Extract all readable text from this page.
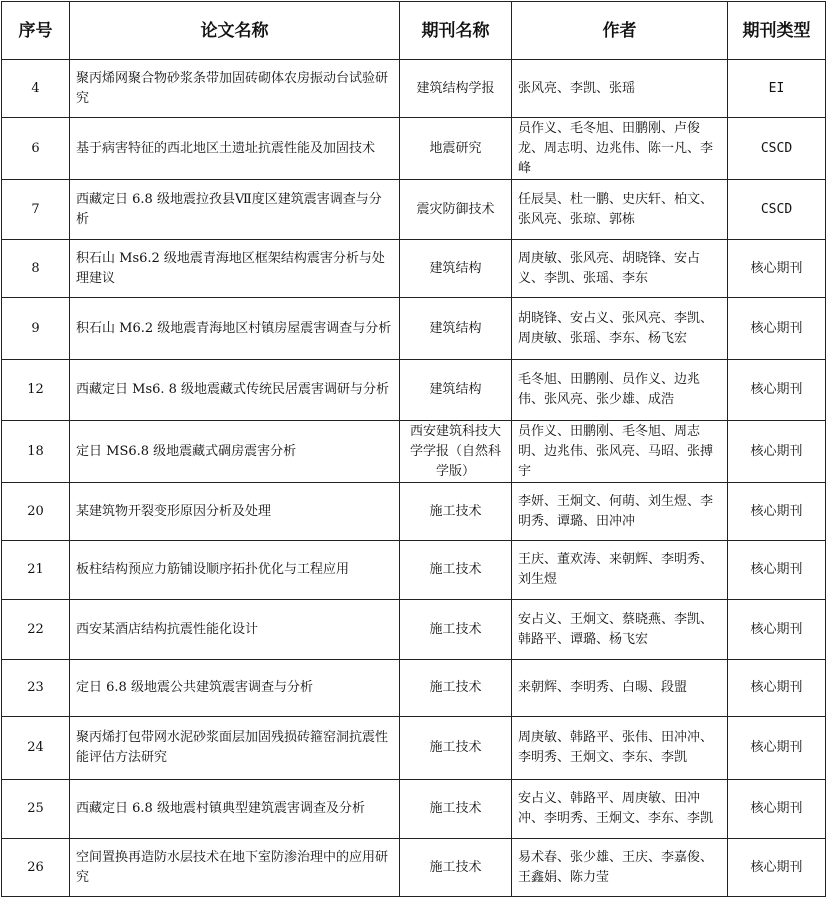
序号	论文名称	期刊名称	作者	期刊类型
4	聚丙烯网聚合物砂浆条带加固砖砌体农房振动台试验研究	建筑结构学报	张风亮、李凯、张瑶	EI
6	基于病害特征的西北地区土遗址抗震性能及加固技术	地震研究	员作义、毛冬旭、田鹏刚、卢俊龙、周志明、边兆伟、陈一凡、李峰	CSCD
7	西藏定日 6.8 级地震拉孜县Ⅶ度区建筑震害调查与分析	震灾防御技术	任辰昊、杜一鹏、史庆轩、柏文、张风亮、张琼、郭栋	CSCD
8	积石山 Ms6.2 级地震青海地区框架结构震害分析与处理建议	建筑结构	周庚敏、张风亮、胡晓锋、安占义、李凯、张瑶、李东	核心期刊
9	积石山 M6.2 级地震青海地区村镇房屋震害调查与分析	建筑结构	胡晓锋、安占义、张风亮、李凯、周庚敏、张瑶、李东、杨飞宏	核心期刊
12	西藏定日 Ms6. 8 级地震藏式传统民居震害调研与分析	建筑结构	毛冬旭、田鹏刚、员作义、边兆伟、张风亮、张少雄、成浩	核心期刊
18	定日 MS6.8 级地震藏式碉房震害分析	西安建筑科技大学学报（自然科学版）	员作义、田鹏刚、毛冬旭、周志明、边兆伟、张风亮、马昭、张搏宇	核心期刊
20	某建筑物开裂变形原因分析及处理	施工技术	李妍、王炯文、何萌、刘生煜、李明秀、谭璐、田冲冲	核心期刊
21	板柱结构预应力筋铺设顺序拓扑优化与工程应用	施工技术	王庆、董欢涛、来朝辉、李明秀、刘生煜	核心期刊
22	西安某酒店结构抗震性能化设计	施工技术	安占义、王炯文、蔡晓燕、李凯、韩路平、谭璐、杨飞宏	核心期刊
23	定日 6.8 级地震公共建筑震害调查与分析	施工技术	来朝辉、李明秀、白晹、段盟	核心期刊
24	聚丙烯打包带网水泥砂浆面层加固残损砖箍窑洞抗震性能评估方法研究	施工技术	周庚敏、韩路平、张伟、田冲冲、李明秀、王炯文、李东、李凯	核心期刊
25	西藏定日 6.8 级地震村镇典型建筑震害调查及分析	施工技术	安占义、韩路平、周庚敏、田冲冲、李明秀、王炯文、李东、李凯	核心期刊
26	空间置换再造防水层技术在地下室防渗治理中的应用研究	施工技术	易术春、张少雄、王庆、李嘉俊、王鑫娟、陈力莹	核心期刊
